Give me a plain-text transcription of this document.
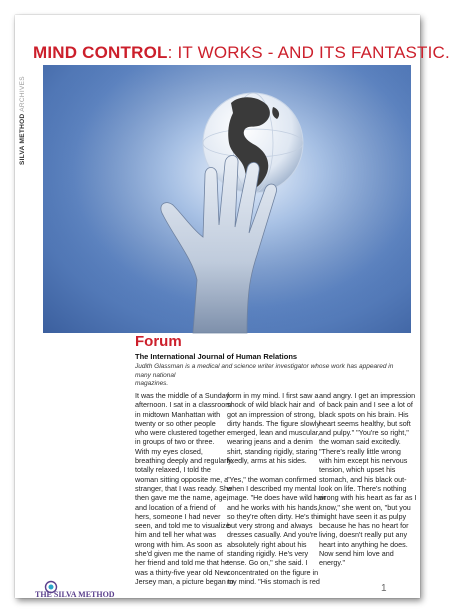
SILVA METHOD ARCHIVES
MIND CONTROL: IT WORKS - AND ITS FANTASTIC.
Forum
The International Journal of Human Relations
Judith Glassman is a medical and science writer investigator whose work has appeared in many national
magazines.
It was the middle of a Sunday
afternoon. I sat in a classroom
in midtown Manhattan with
twenty or so other people
who were clustered together
in groups of two or three.
With my eyes closed,
breathing deeply and regularly,
totally relaxed, I told the
woman sitting opposite me, a
stranger, that I was ready. She
then gave me the name, age,
and location of a friend of
hers, someone I had never
seen, and told me to visualize
him and tell her what was
wrong with him. As soon as
she'd given me the name of
her friend and told me that he
was a thirty-five year old New
Jersey man, a picture began to
form in my mind. I first saw a
shock of wild black hair and
got an impression of strong,
dirty hands. The figure slowly
emerged, lean and muscular,
wearing jeans and a denim
shirt, standing rigidly, staring
fixedly, arms at his sides.

"Yes," the woman confirmed
when I described my mental
image. "He does have wild hair
and he works with his hands,
so they're often dirty. He's thin
but very strong and always
dresses casually. And you're
absolutely right about his
standing rigidly. He's very
tense. Go on," she said. I
concentrated on the figure in
my mind. "His stomach is red
and angry. I get an impression
of back pain and I see a lot of
black spots on his brain. His
heart seems healthy, but soft
and pulpy." "You're so right,"
the woman said excitedly.
"There's really little wrong
with him except his nervous
tension, which upset his
stomach, and his black out-
look on life. There's nothing
wrong with his heart as far as I
know," she went on, "but you
might have seen it as pulpy
because he has no heart for
living, doesn't really put any
heart into anything he does.
Now send him love and
energy."
THE SILVA METHOD
1
